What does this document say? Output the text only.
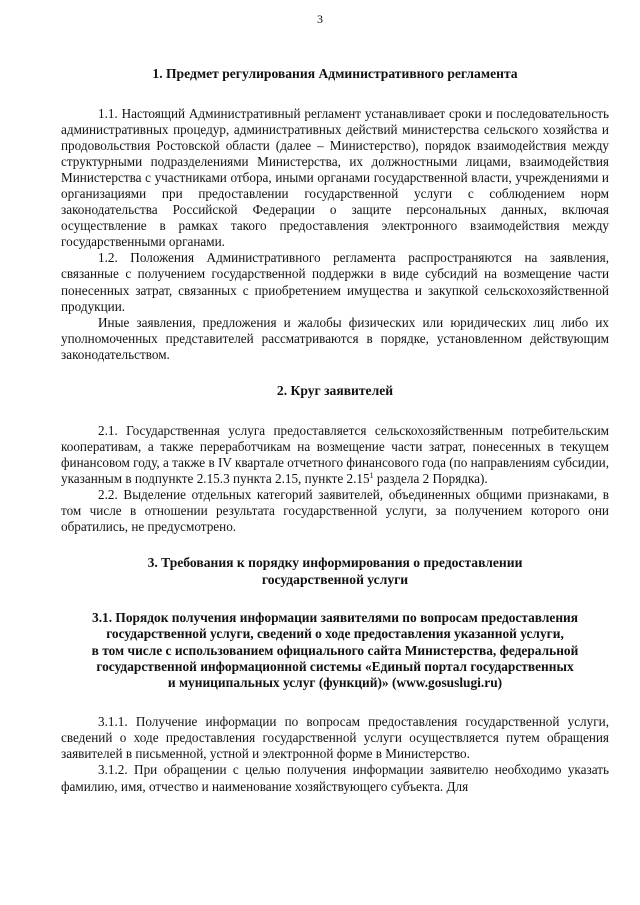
3
1. Предмет регулирования Административного регламента

1.1. Настоящий Административный регламент устанавливает сроки и последовательность административных процедур, административных действий министерства сельского хозяйства и продовольствия Ростовской области (далее – Министерство), порядок взаимодействия между структурными подразделениями Министерства, их должностными лицами, взаимодействия Министерства с участниками отбора, иными органами государственной власти, учреждениями и организациями при предоставлении государственной услуги с соблюдением норм законодательства Российской Федерации о защите персональных данных, включая осуществление в рамках такого предоставления электронного взаимодействия между государственными органами.

1.2. Положения Административного регламента распространяются на заявления, связанные с получением государственной поддержки в виде субсидий на возмещение части понесенных затрат, связанных с приобретением имущества и закупкой сельскохозяйственной продукции.

Иные заявления, предложения и жалобы физических или юридических лиц либо их уполномоченных представителей рассматриваются в порядке, установленном действующим законодательством.

2. Круг заявителей

2.1. Государственная услуга предоставляется сельскохозяйственным потребительским кооперативам, а также переработчикам на возмещение части затрат, понесенных в текущем финансовом году, а также в IV квартале отчетного финансового года (по направлениям субсидии, указанным в подпункте 2.15.3 пункта 2.15, пункте 2.15$^1$ раздела 2 Порядка).

2.2. Выделение отдельных категорий заявителей, объединенных общими признаками, в том числе в отношении результата государственной услуги, за получением которого они обратились, не предусмотрено.

3. Требования к порядку информирования о предоставлении
государственной услуги
3.1. Порядок получения информации заявителями по вопросам предоставления
государственной услуги, сведений о ходе предоставления указанной услуги,
в том числе с использованием официального сайта Министерства, федеральной
государственной информационной системы «Единый портал государственных
и муниципальных услуг (функций)» (www.gosuslugi.ru)

3.1.1. Получение информации по вопросам предоставления государственной услуги, сведений о ходе предоставления государственной услуги осуществляется путем обращения заявителей в письменной, устной и электронной форме в Министерство.

3.1.2. При обращении с целью получения информации заявителю необходимо указать фамилию, имя, отчество и наименование хозяйствующего субъекта. Для
